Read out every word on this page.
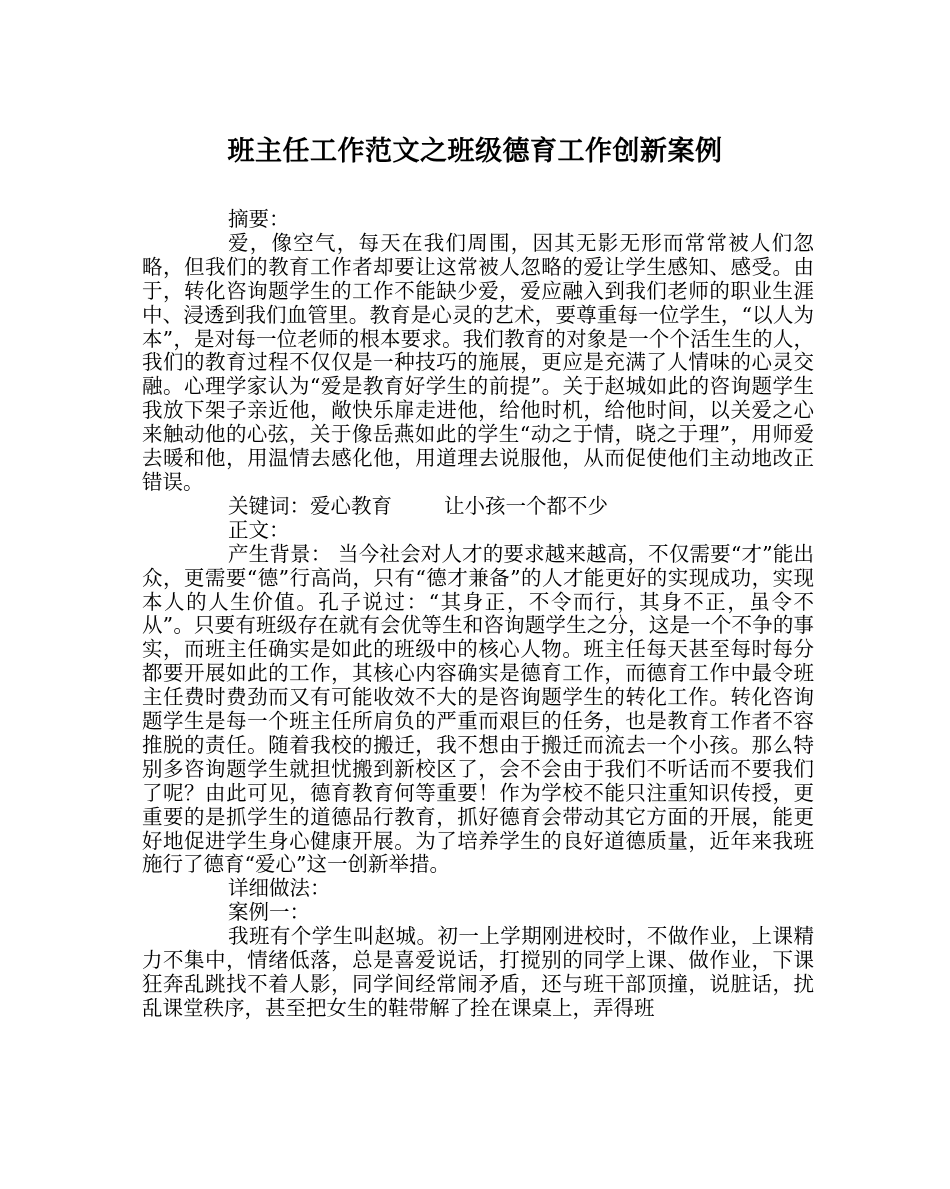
班主任工作范文之班级德育工作创新案例

摘要：

爱，像空气，每天在我们周围，因其无影无形而常常被人们忽略，但我们的教育工作者却要让这常被人忽略的爱让学生感知、感受。由于，转化咨询题学生的工作不能缺少爱，爱应融入到我们老师的职业生涯中、浸透到我们血管里。教育是心灵的艺术，要尊重每一位学生，“以人为本”，是对每一位老师的根本要求。我们教育的对象是一个个活生生的人，我们的教育过程不仅仅是一种技巧的施展，更应是充满了人情味的心灵交融。心理学家认为“爱是教育好学生的前提”。关于赵城如此的咨询题学生我放下架子亲近他，敞快乐扉走进他，给他时机，给他时间，以关爱之心来触动他的心弦，关于像岳燕如此的学生“动之于情，晓之于理”，用师爱去暖和他，用温情去感化他，用道理去说服他，从而促使他们主动地改正错误。

关键词：爱心教育	让小孩一个都不少

正文：

产生背景： 当今社会对人才的要求越来越高，不仅需要“才”能出众，更需要“德”行高尚，只有“德才兼备”的人才能更好的实现成功，实现本人的人生价值。孔子说过：“其身正，不令而行，其身不正，虽令不从”。只要有班级存在就有会优等生和咨询题学生之分，这是一个不争的事实，而班主任确实是如此的班级中的核心人物。班主任每天甚至每时每分都要开展如此的工作，其核心内容确实是德育工作，而德育工作中最令班主任费时费劲而又有可能收效不大的是咨询题学生的转化工作。转化咨询题学生是每一个班主任所肩负的严重而艰巨的任务，也是教育工作者不容推脱的责任。随着我校的搬迁，我不想由于搬迁而流去一个小孩。那么特别多咨询题学生就担忧搬到新校区了，会不会由于我们不听话而不要我们了呢？由此可见，德育教育何等重要！作为学校不能只注重知识传授，更重要的是抓学生的道德品行教育，抓好德育会带动其它方面的开展，能更好地促进学生身心健康开展。为了培养学生的良好道德质量，近年来我班施行了德育“爱心”这一创新举措。

详细做法：

案例一：

我班有个学生叫赵城。初一上学期刚进校时，不做作业，上课精力不集中，情绪低落，总是喜爱说话，打搅别的同学上课、做作业，下课狂奔乱跳找不着人影，同学间经常闹矛盾，还与班干部顶撞，说脏话，扰乱课堂秩序，甚至把女生的鞋带解了拴在课桌上，弄得班
